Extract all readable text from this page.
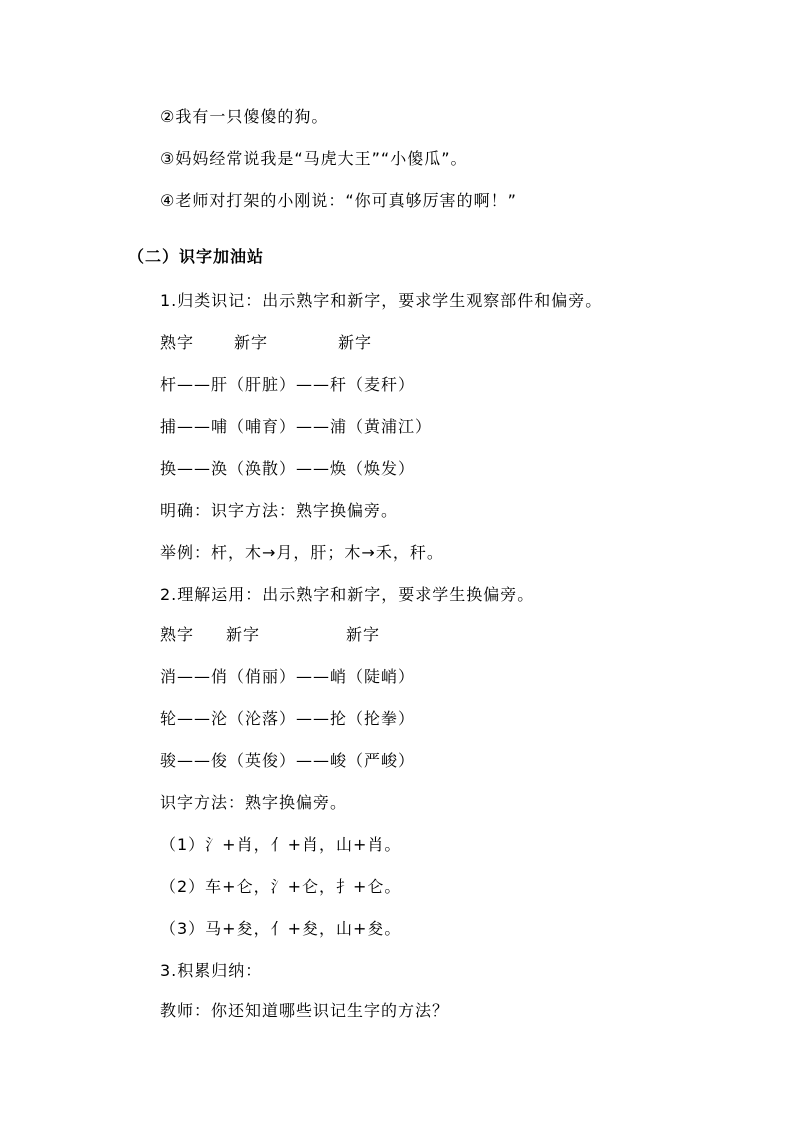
②我有一只傻傻的狗。
③妈妈经常说我是“马虎大王”“小傻瓜”。
④老师对打架的小刚说：“你可真够厉害的啊！”
（二）识字加油站
1.归类识记：出示熟字和新字，要求学生观察部件和偏旁。
熟字 新字	新字
杆——肝（肝脏）——秆（麦秆）
捕——哺（哺育）——浦（黄浦江）
换——涣（涣散）——焕（焕发）
明确：识字方法：熟字换偏旁。
举例：杆，木→月，肝；木→禾，秆。
2.理解运用：出示熟字和新字，要求学生换偏旁。
熟字 新字	新字
消——俏（俏丽）——峭（陡峭）
轮——沦（沦落）——抡（抡拳）
骏——俊（英俊）——峻（严峻）
识字方法：熟字换偏旁。
（1）氵+肖，亻+肖，山+肖。
（2）车+仑，氵+仑，扌+仑。
（3）马+夋，亻+夋，山+夋。
3.积累归纳：
教师：你还知道哪些识记生字的方法？
